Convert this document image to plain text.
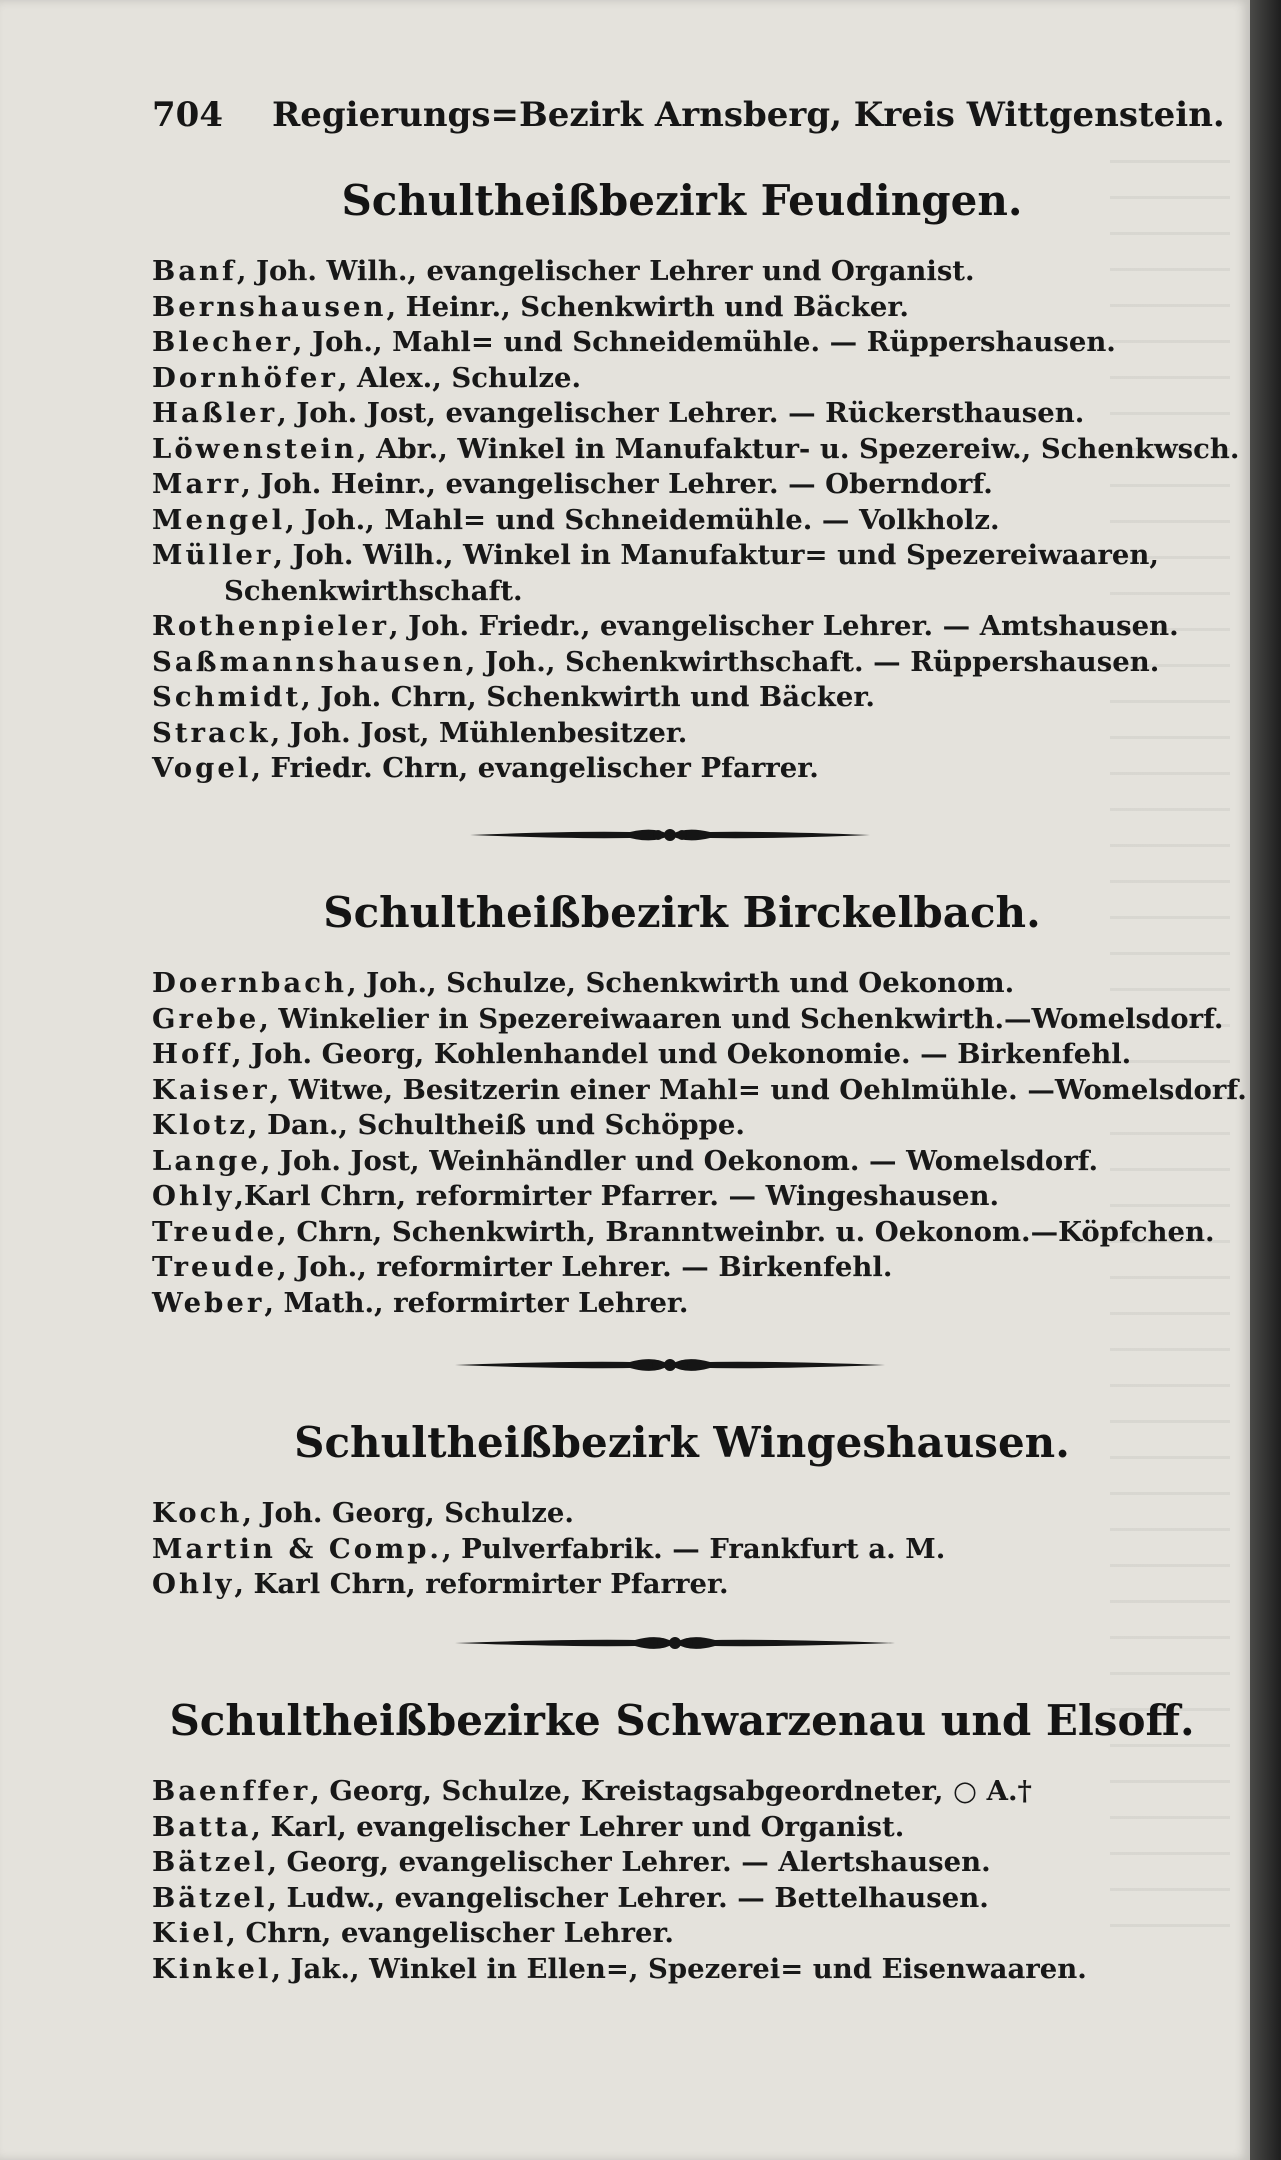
704 Regierungs=Bezirk Arnsberg, Kreis Wittgenstein.
Schultheißbezirk Feudingen.
Banf, Joh. Wilh., evangelischer Lehrer und Organist.
Bernshausen, Heinr., Schenkwirth und Bäcker.
Blecher, Joh., Mahl= und Schneidemühle. — Rüppershausen.
Dornhöfer, Alex., Schulze.
Haßler, Joh. Jost, evangelischer Lehrer. — Rückersthausen.
Löwenstein, Abr., Winkel in Manufaktur- u. Spezereiw., Schenkwsch.
Marr, Joh. Heinr., evangelischer Lehrer. — Oberndorf.
Mengel, Joh., Mahl= und Schneidemühle. — Volkholz.
Müller, Joh. Wilh., Winkel in Manufaktur= und Spezereiwaaren,
Schenkwirthschaft.
Rothenpieler, Joh. Friedr., evangelischer Lehrer. — Amtshausen.
Saßmannshausen, Joh., Schenkwirthschaft. — Rüppershausen.
Schmidt, Joh. Chrn, Schenkwirth und Bäcker.
Strack, Joh. Jost, Mühlenbesitzer.
Vogel, Friedr. Chrn, evangelischer Pfarrer.
Schultheißbezirk Birckelbach.
Doernbach, Joh., Schulze, Schenkwirth und Oekonom.
Grebe, Winkelier in Spezereiwaaren und Schenkwirth.—Womelsdorf.
Hoff, Joh. Georg, Kohlenhandel und Oekonomie. — Birkenfehl.
Kaiser, Witwe, Besitzerin einer Mahl= und Oehlmühle. —Womelsdorf.
Klotz, Dan., Schultheiß und Schöppe.
Lange, Joh. Jost, Weinhändler und Oekonom. — Womelsdorf.
Ohly,Karl Chrn, reformirter Pfarrer. — Wingeshausen.
Treude, Chrn, Schenkwirth, Branntweinbr. u. Oekonom.—Köpfchen.
Treude, Joh., reformirter Lehrer. — Birkenfehl.
Weber, Math., reformirter Lehrer.
Schultheißbezirk Wingeshausen.
Koch, Joh. Georg, Schulze.
Martin & Comp., Pulverfabrik. — Frankfurt a. M.
Ohly, Karl Chrn, reformirter Pfarrer.
Schultheißbezirke Schwarzenau und Elsoff.
Baenffer, Georg, Schulze, Kreistagsabgeordneter, ○ A.†
Batta, Karl, evangelischer Lehrer und Organist.
Bätzel, Georg, evangelischer Lehrer. — Alertshausen.
Bätzel, Ludw., evangelischer Lehrer. — Bettelhausen.
Kiel, Chrn, evangelischer Lehrer.
Kinkel, Jak., Winkel in Ellen=, Spezerei= und Eisenwaaren.
